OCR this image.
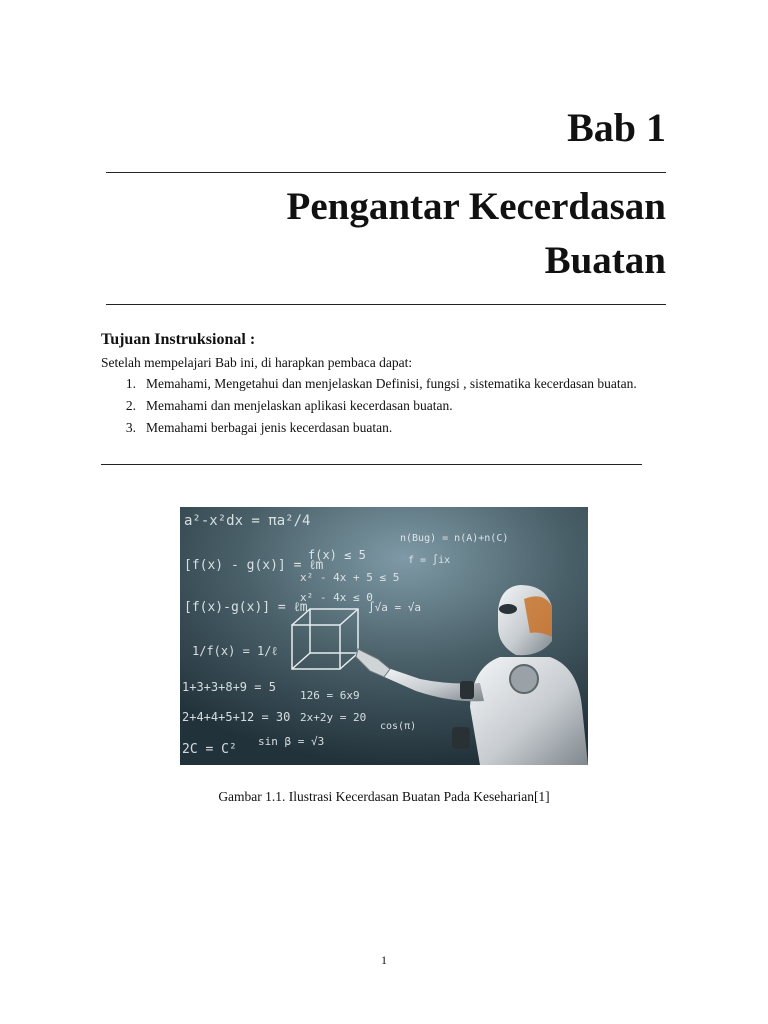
Bab 1
Pengantar Kecerdasan
Buatan

Tujuan Instruksional :

Setelah mempelajari Bab ini, di harapkan pembaca dapat:

1. Memahami, Mengetahui dan menjelaskan Definisi, fungsi , sistematika kecerdasan buatan.
2. Memahami dan menjelaskan aplikasi kecerdasan buatan.
3. Memahami berbagai jenis kecerdasan buatan.
a²-x²dx = πa²/4
[f(x) - g(x)] = ℓm
[f(x)-g(x)] = ℓm
1/f(x) = 1/ℓ
1+3+3+8+9 = 5
2+4+4+5+12 = 30
2C = C²
f(x) ≤ 5
x² - 4x + 5 ≤ 5
x² - 4x ≤ 0
126 = 6x9
2x+2y = 20
sin β = √3
n(Bug) = n(A)+n(C)
∫√a = √a
cos(π)
f = ∫ix

Gambar 1.1. Ilustrasi Kecerdasan Buatan Pada Keseharian[1]

1
